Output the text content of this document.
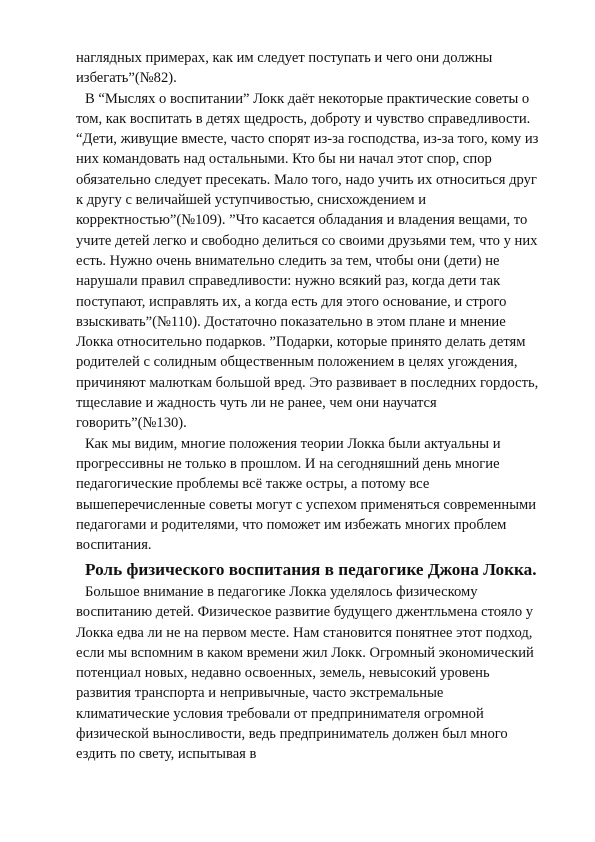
наглядных примерах, как им следует поступать и чего они должны избегать”(№82).

В “Мыслях о воспитании” Локк даёт некоторые практические советы о том, как воспитать в детях щедрость, доброту и чувство справедливости. “Дети, живущие вместе, часто спорят из-за господства, из-за того, кому из них командовать над остальными. Кто бы ни начал этот спор, спор обязательно следует пресекать. Мало того, надо учить их относиться друг к другу с величайшей уступчивостью, снисхождением и корректностью”(№109). ”Что касается обладания и владения вещами, то учите детей легко и свободно делиться со своими друзьями тем, что у них есть. Нужно очень внимательно следить за тем, чтобы они (дети) не нарушали правил справедливости: нужно всякий раз, когда дети так поступают, исправлять их, а когда есть для этого основание, и строго взыскивать”(№110). Достаточно показательно в этом плане и мнение Локка относительно подарков. ”Подарки, которые принято делать детям родителей с солидным общественным положением в целях угождения, причиняют малюткам большой вред. Это развивает в последних гордость, тщеславие и жадность чуть ли не ранее, чем они научатся говорить”(№130).

Как мы видим, многие положения теории Локка были актуальны и прогрессивны не только в прошлом. И на сегодняшний день многие педагогические проблемы всё также остры, а потому все вышеперечисленные советы могут с успехом применяться современными педагогами и родителями, что поможет им избежать многих проблем воспитания.

Роль физического воспитания в педагогике Джона Локка.

Большое внимание в педагогике Локка уделялось физическому воспитанию детей. Физическое развитие будущего джентльмена стояло у Локка едва ли не на первом месте. Нам становится понятнее этот подход, если мы вспомним в каком времени жил Локк. Огромный экономический потенциал новых, недавно освоенных, земель, невысокий уровень развития транспорта и непривычные, часто экстремальные климатические условия требовали от предпринимателя огромной физической выносливости, ведь предприниматель должен был много ездить по свету, испытывая в
